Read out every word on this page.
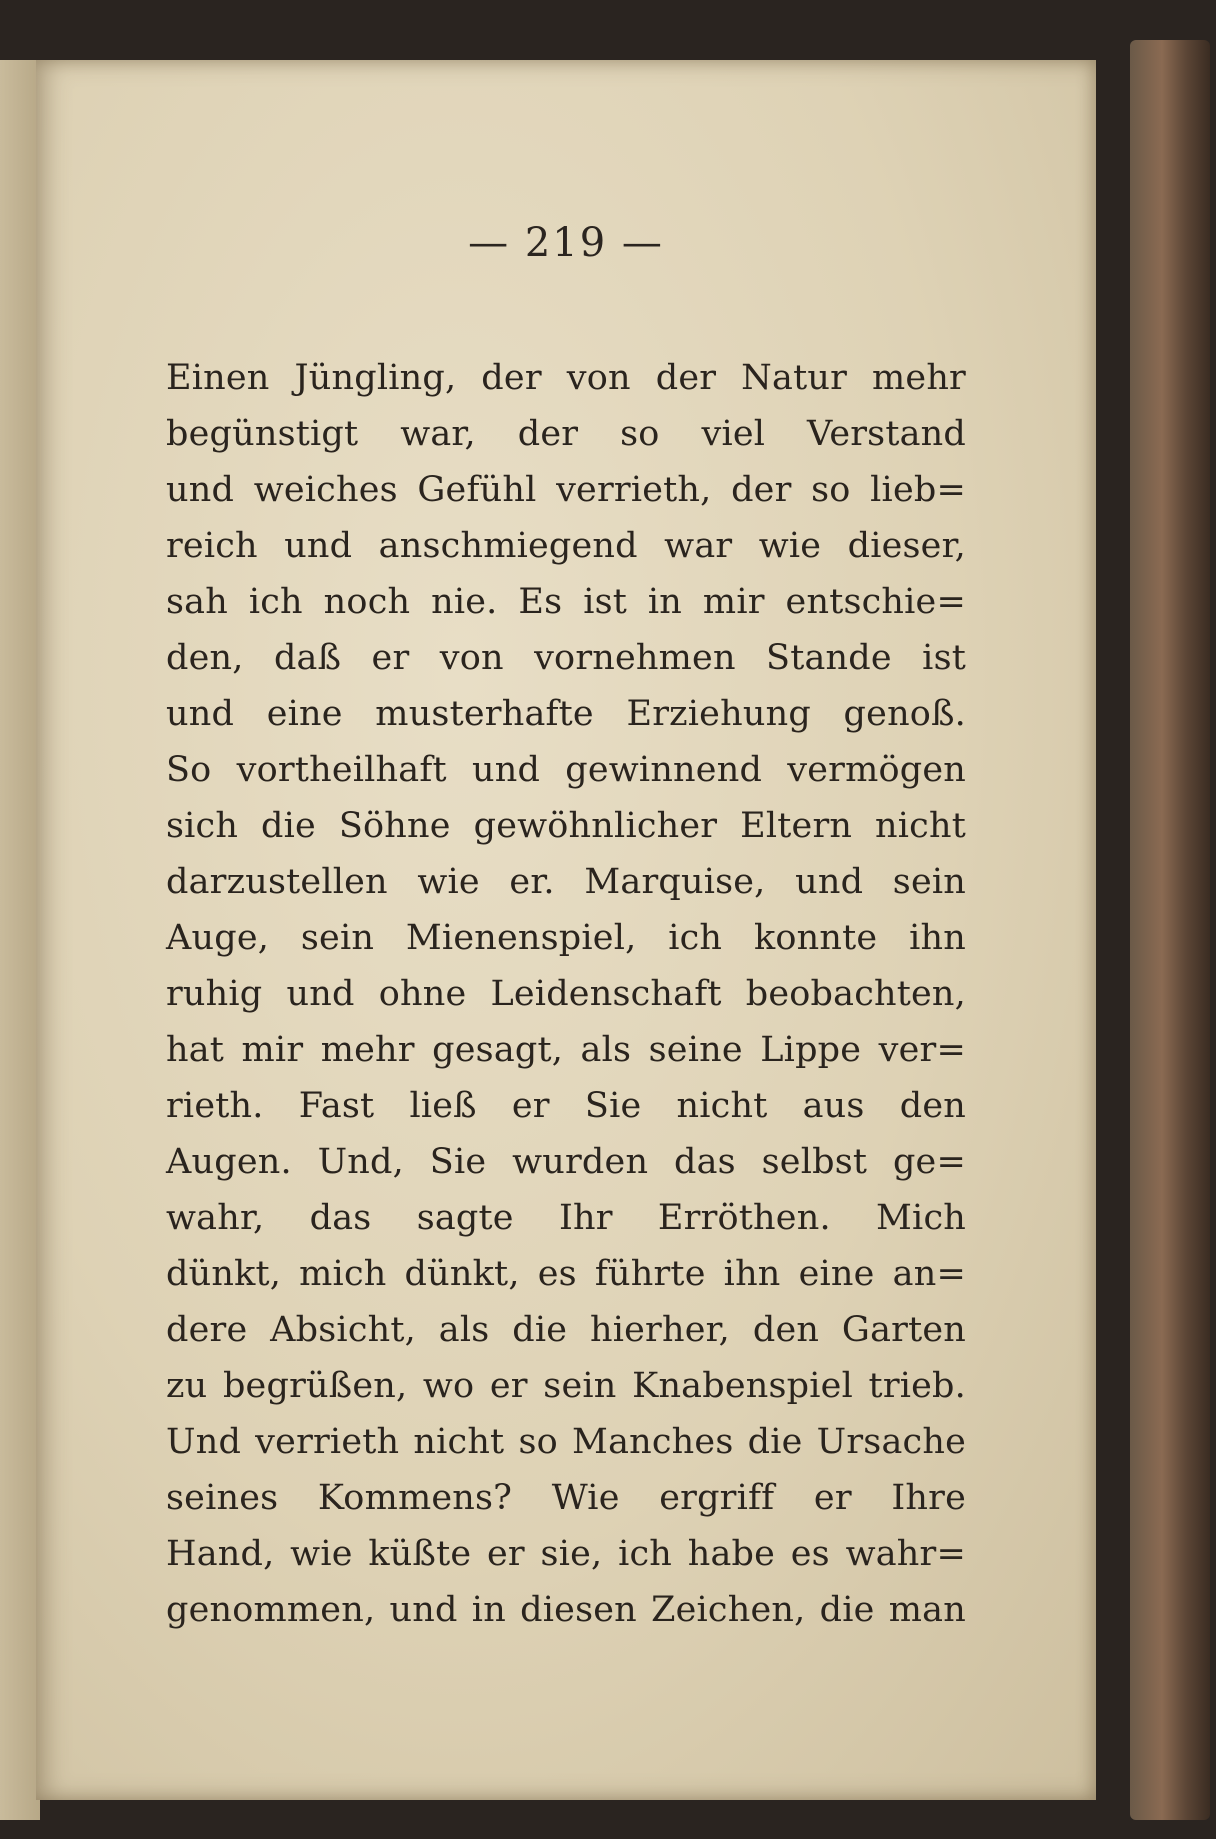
— 219 —
Einen Jüngling, der von der Natur mehr
begünstigt war, der so viel Verstand
und weiches Gefühl verrieth, der so lieb=
reich und anschmiegend war wie dieser,
sah ich noch nie. Es ist in mir entschie=
den, daß er von vornehmen Stande ist
und eine musterhafte Erziehung genoß.
So vortheilhaft und gewinnend vermögen
sich die Söhne gewöhnlicher Eltern nicht
darzustellen wie er. Marquise, und sein
Auge, sein Mienenspiel, ich konnte ihn
ruhig und ohne Leidenschaft beobachten,
hat mir mehr gesagt, als seine Lippe ver=
rieth. Fast ließ er Sie nicht aus den
Augen. Und, Sie wurden das selbst ge=
wahr, das sagte Ihr Erröthen. Mich
dünkt, mich dünkt, es führte ihn eine an=
dere Absicht, als die hierher, den Garten
zu begrüßen, wo er sein Knabenspiel trieb.
Und verrieth nicht so Manches die Ursache
seines Kommens? Wie ergriff er Ihre
Hand, wie küßte er sie, ich habe es wahr=
genommen, und in diesen Zeichen, die man
